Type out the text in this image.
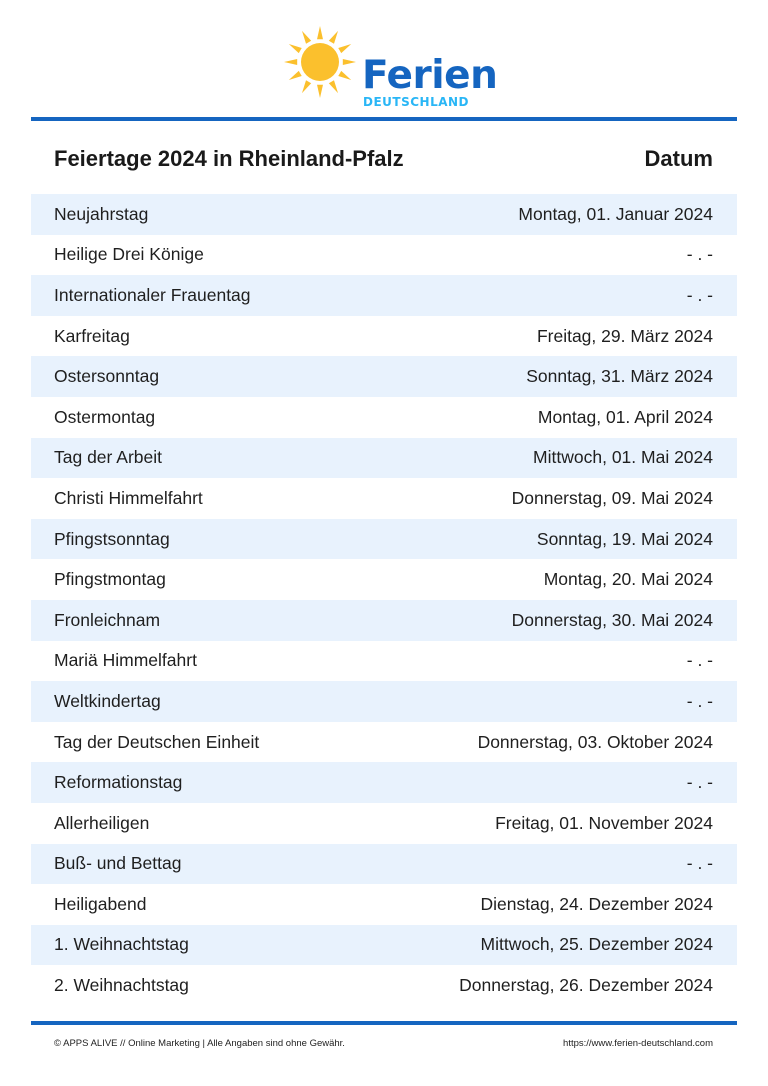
Ferien
DEUTSCHLAND
Feiertage 2024 in Rheinland-Pfalz	Datum
Neujahrstag	Montag, 01. Januar 2024
Heilige Drei Könige	- . -
Internationaler Frauentag	- . -
Karfreitag	Freitag, 29. März 2024
Ostersonntag	Sonntag, 31. März 2024
Ostermontag	Montag, 01. April 2024
Tag der Arbeit	Mittwoch, 01. Mai 2024
Christi Himmelfahrt	Donnerstag, 09. Mai 2024
Pfingstsonntag	Sonntag, 19. Mai 2024
Pfingstmontag	Montag, 20. Mai 2024
Fronleichnam	Donnerstag, 30. Mai 2024
Mariä Himmelfahrt	- . -
Weltkindertag	- . -
Tag der Deutschen Einheit	Donnerstag, 03. Oktober 2024
Reformationstag	- . -
Allerheiligen	Freitag, 01. November 2024
Buß- und Bettag	- . -
Heiligabend	Dienstag, 24. Dezember 2024
1. Weihnachtstag	Mittwoch, 25. Dezember 2024
2. Weihnachtstag	Donnerstag, 26. Dezember 2024
© APPS ALIVE // Online Marketing | Alle Angaben sind ohne Gewähr.	https://www.ferien-deutschland.com
